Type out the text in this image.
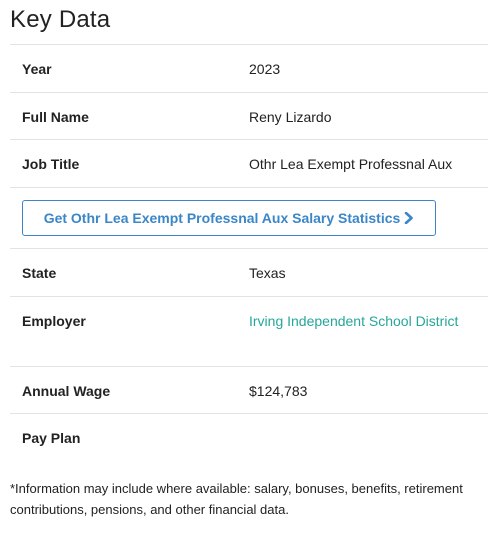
Key Data
Year	2023
Full Name	Reny Lizardo
Job Title	Othr Lea Exempt Professnal Aux
Get Othr Lea Exempt Professnal Aux Salary Statistics
State	Texas
Employer	Irving Independent School District
Annual Wage	$124,783
Pay Plan

*Information may include where available: salary, bonuses, benefits, retirement contributions, pensions, and other financial data.
